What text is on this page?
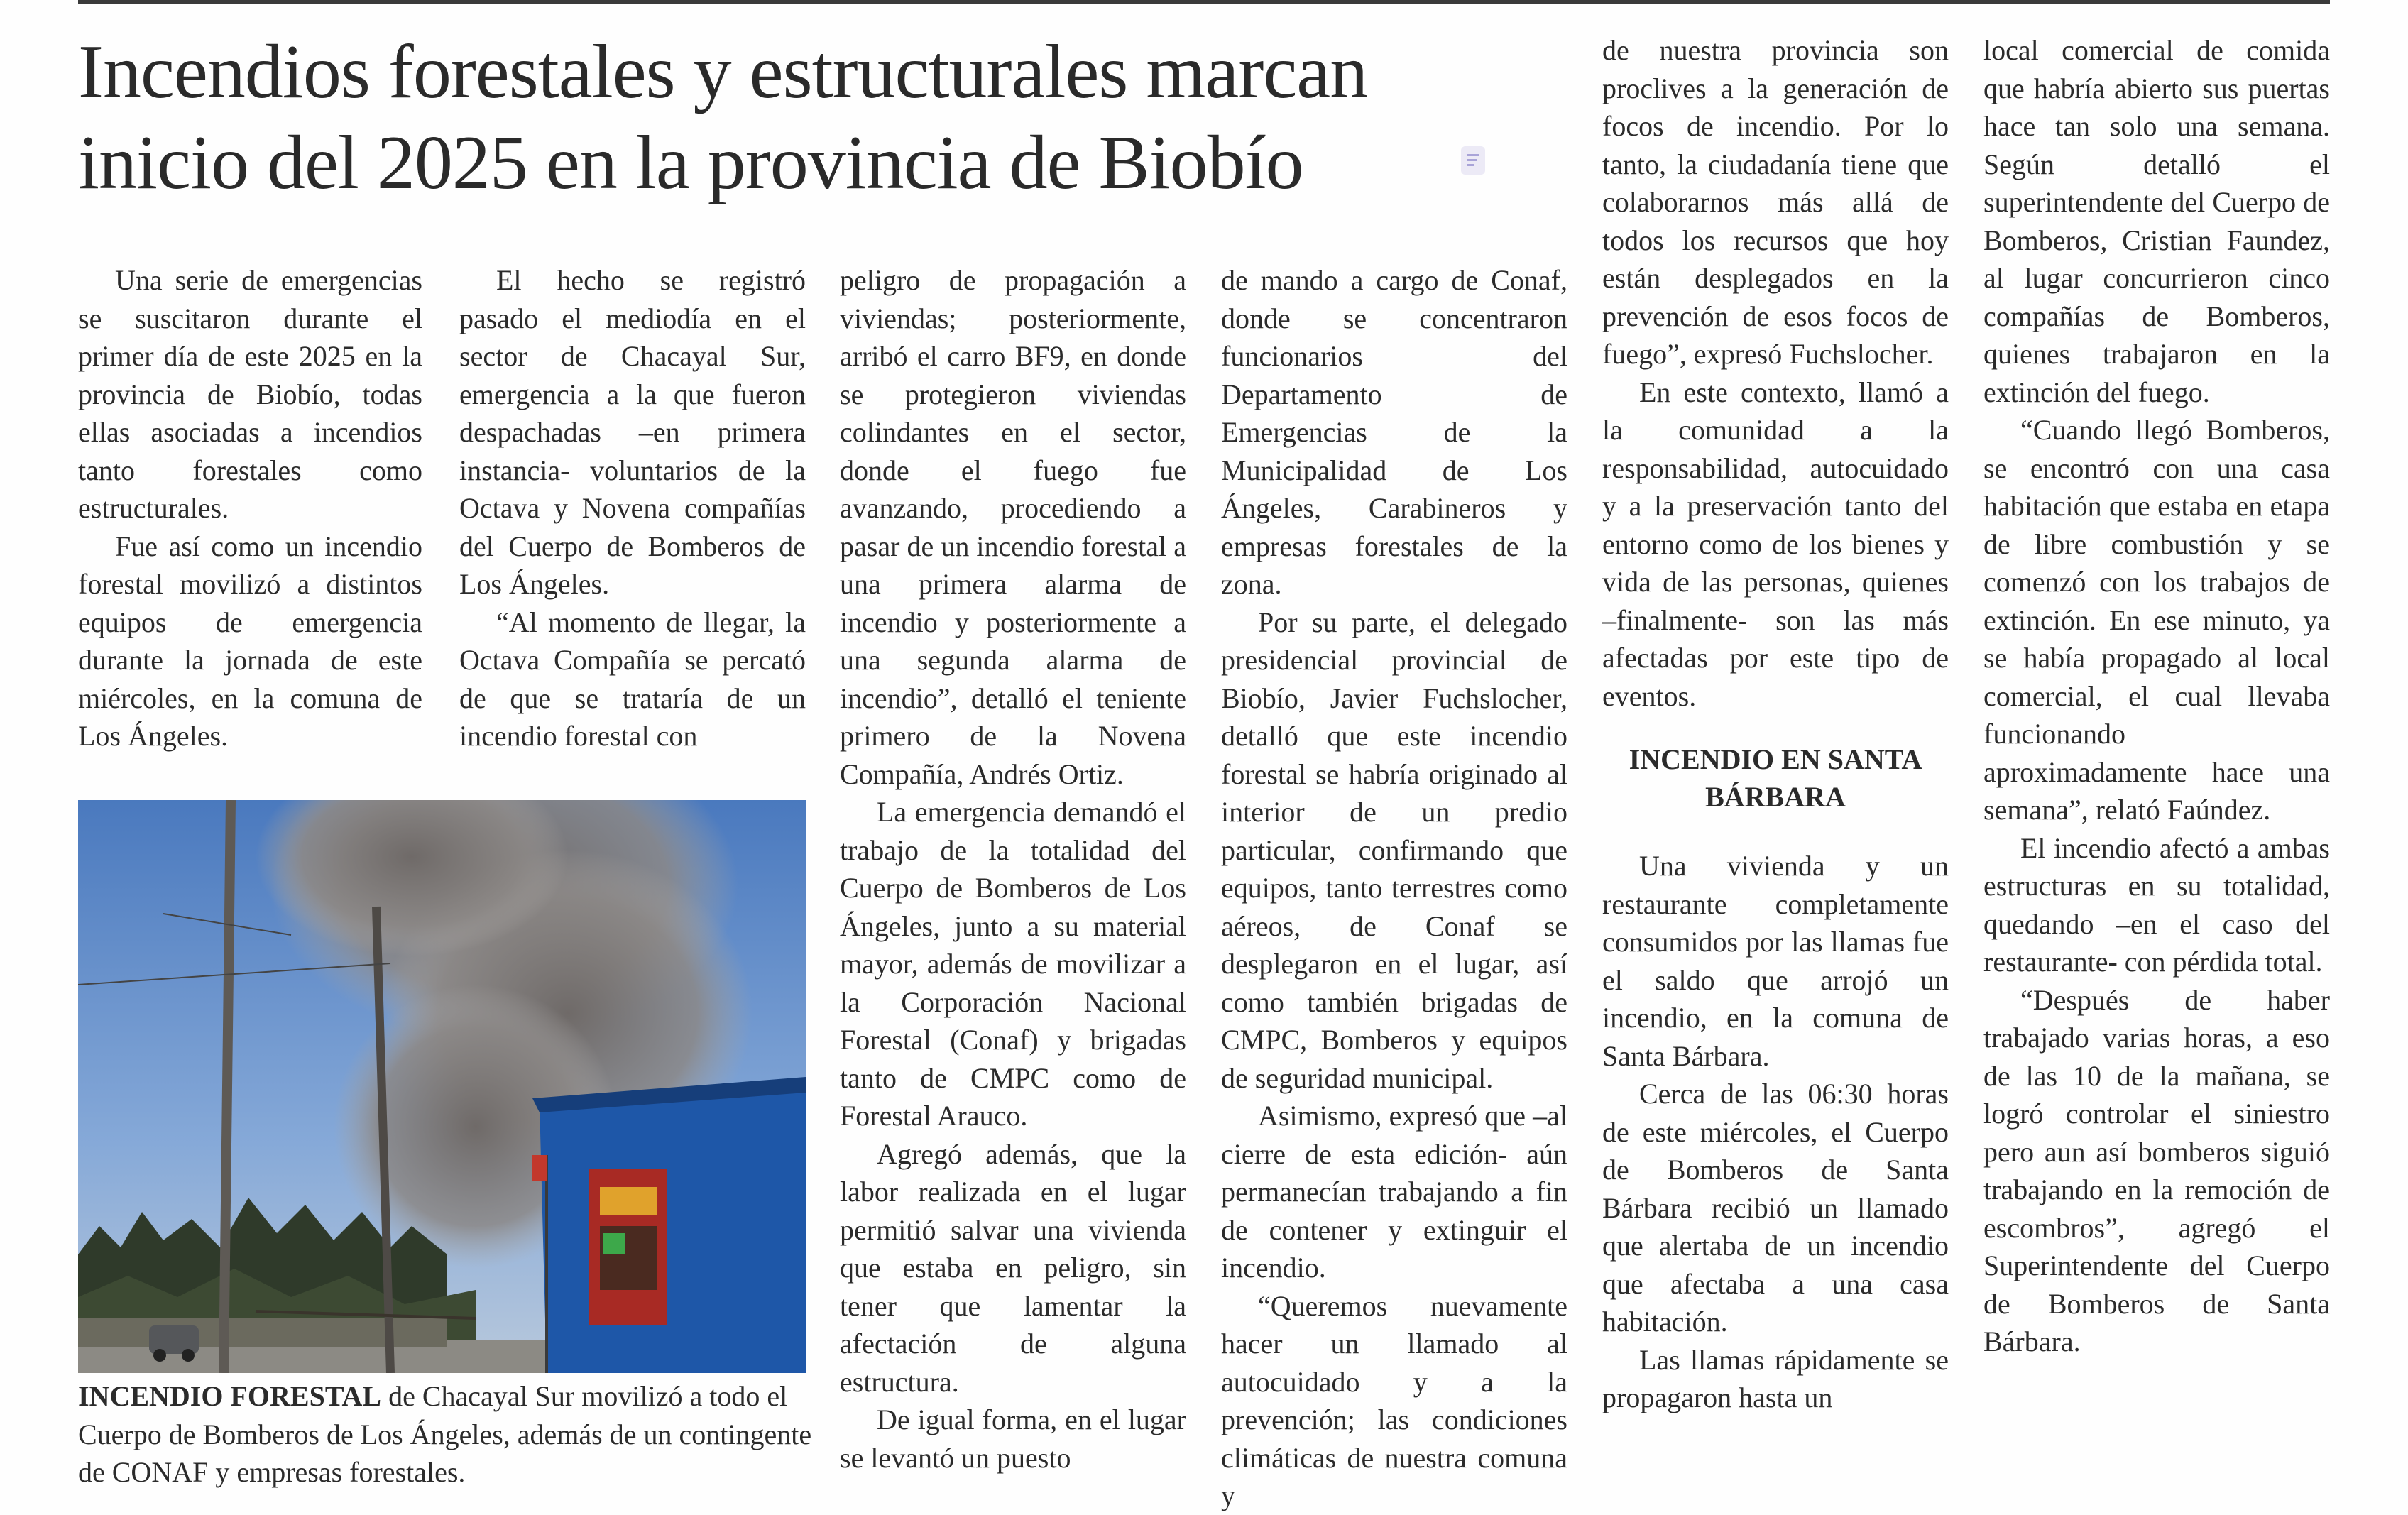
Incendios forestales y estructurales marcan
inicio del 2025 en la provincia de Biobío

Una serie de emergencias se suscitaron durante el primer día de este 2025 en la provincia de Biobío, todas ellas asociadas a incendios tanto forestales como estructurales.

Fue así como un incendio forestal movilizó a distintos equipos de emergencia durante la jornada de este miércoles, en la comuna de Los Ángeles.

El hecho se registró pasado el mediodía en el sector de Chacayal Sur, emergencia a la que fueron despachadas –en primera instancia- voluntarios de la Octava y Novena compañías del Cuerpo de Bomberos de Los Ángeles.

“Al momento de llegar, la Octava Compañía se percató de que se trataría de un incendio forestal con

peligro de propagación a viviendas; posteriormente, arribó el carro BF9, en donde se protegieron viviendas colindantes en el sector, donde el fuego fue avanzando, procediendo a pasar de un incendio forestal a una primera alarma de incendio y posteriormente a una segunda alarma de incendio”, detalló el teniente primero de la Novena Compañía, Andrés Ortiz.

La emergencia demandó el trabajo de la totalidad del Cuerpo de Bomberos de Los Ángeles, junto a su material mayor, además de movilizar a la Corporación Nacional Forestal (Conaf) y brigadas tanto de CMPC como de Forestal Arauco.

Agregó además, que la labor realizada en el lugar permitió salvar una vivienda que estaba en peligro, sin tener que lamentar la afectación de alguna estructura.

De igual forma, en el lugar se levantó un puesto

de mando a cargo de Conaf, donde se concentraron funcionarios del Departamento de Emergencias de la Municipalidad de Los Ángeles, Carabineros y empresas forestales de la zona.

Por su parte, el delegado presidencial provincial de Biobío, Javier Fuchslocher, detalló que este incendio forestal se habría originado al interior de un predio particular, confirmando que equipos, tanto terrestres como aéreos, de Conaf se desplegaron en el lugar, así como también brigadas de CMPC, Bomberos y equipos de seguridad municipal.

Asimismo, expresó que –al cierre de esta edición- aún permanecían trabajando a fin de contener y extinguir el incendio.

“Queremos nuevamente hacer un llamado al autocuidado y a la prevención; las condiciones climáticas de nuestra comuna y

de nuestra provincia son proclives a la generación de focos de incendio. Por lo tanto, la ciudadanía tiene que colaborarnos más allá de todos los recursos que hoy están desplegados en la prevención de esos focos de fuego”, expresó Fuchslocher.

En este contexto, llamó a la comunidad a la responsabilidad, autocuidado y a la preservación tanto del entorno como de los bienes y vida de las personas, quienes –finalmente- son las más afectadas por este tipo de eventos.

INCENDIO EN SANTA BÁRBARA

Una vivienda y un restaurante completamente consumidos por las llamas fue el saldo que arrojó un incendio, en la comuna de Santa Bárbara.

Cerca de las 06:30 horas de este miércoles, el Cuerpo de Bomberos de Santa Bárbara recibió un llamado que alertaba de un incendio que afectaba a una casa habitación.

Las llamas rápidamente se propagaron hasta un

local comercial de comida que habría abierto sus puertas hace tan solo una semana. Según detalló el superintendente del Cuerpo de Bomberos, Cristian Faundez, al lugar concurrieron cinco compañías de Bomberos, quienes trabajaron en la extinción del fuego.

“Cuando llegó Bomberos, se encontró con una casa habitación que estaba en etapa de libre combustión y se comenzó con los trabajos de extinción. En ese minuto, ya se había propagado al local comercial, el cual llevaba funcionando aproximadamente hace una semana”, relató Faúndez.

El incendio afectó a ambas estructuras en su totalidad, quedando –en el caso del restaurante- con pérdida total.

“Después de haber trabajado varias horas, a eso de las 10 de la mañana, se logró controlar el siniestro pero aun así bomberos siguió trabajando en la remoción de escombros”, agregó el Superintendente del Cuerpo de Bomberos de Santa Bárbara.

INCENDIO FORESTAL de Chacayal Sur movilizó a todo el Cuerpo de Bomberos de Los Ángeles, además de un contingente de CONAF y empresas forestales.
